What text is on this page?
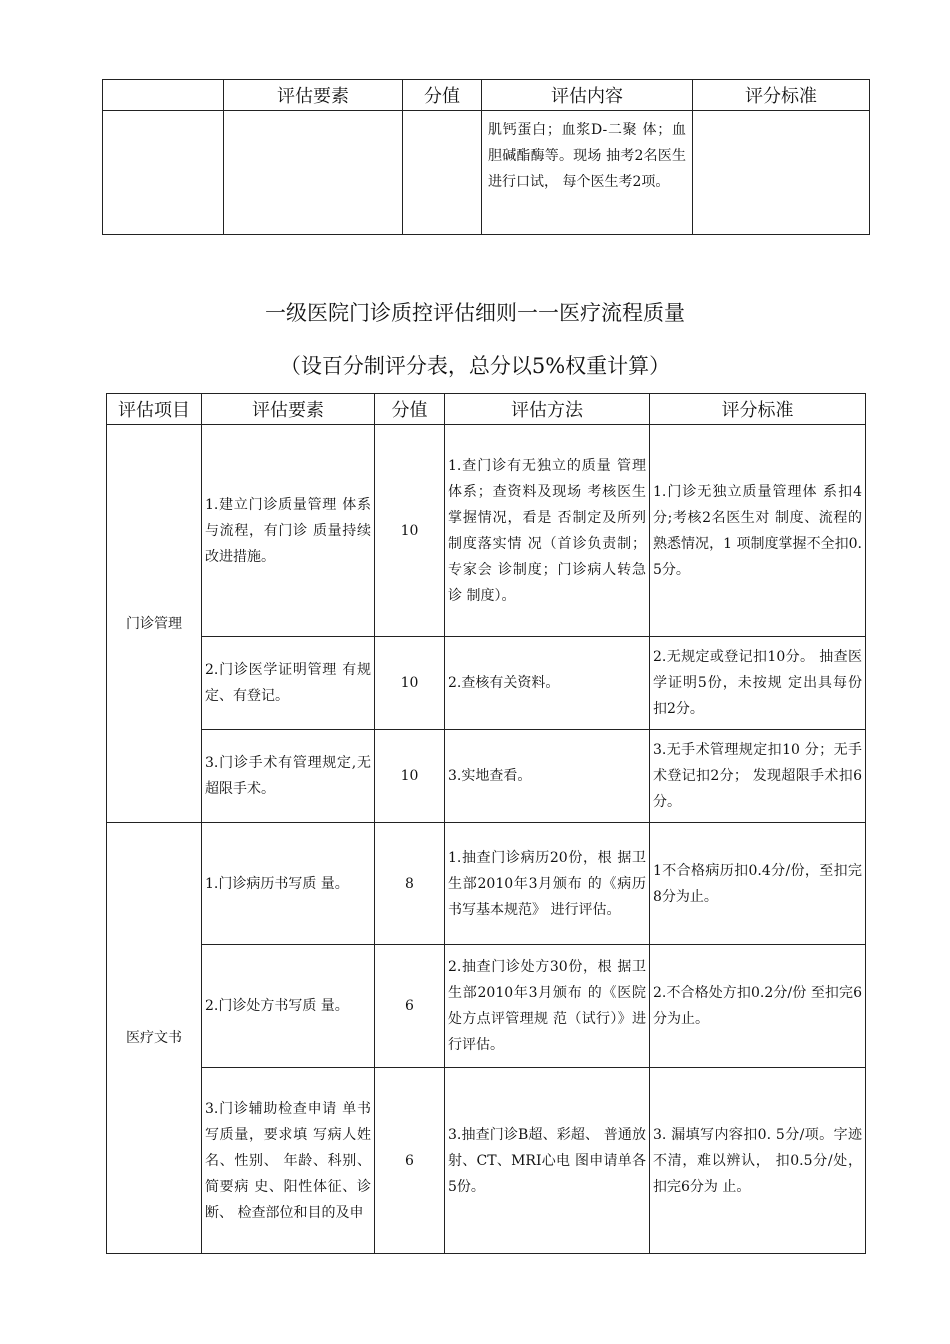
	评估要素	分值	评估内容	评分标准
			肌钙蛋白；血浆D-二聚 体；血胆碱酯酶等。现场 抽考2名医生进行口试， 每个医生考2项。	
一级医院门诊质控评估细则一一医疗流程质量
（设百分制评分表，总分以5%权重计算）
评估项目	评估要素	分值	评估方法	评分标准
门诊管理	1.建立门诊质量管理 体系与流程，有门诊 质量持续改进措施。	10	1.查门诊有无独立的质量 管理体系；查资料及现场 考核医生掌握情况，看是 否制定及所列制度落实情 况（首诊负责制；专家会 诊制度；门诊病人转急诊 制度）。	1.门诊无独立质量管理体 系扣4分;考核2名医生对 制度、流程的熟悉情况，1 项制度掌握不全扣0.5分。
	2.门诊医学证明管理 有规定、有登记。	10	2.查核有关资料。	2.无规定或登记扣10分。 抽查医学证明5份，未按规 定出具每份扣2分。
	3.门诊手术有管理规定,无超限手术。	10	3.实地查看。	3.无手术管理规定扣10 分；无手术登记扣2分； 发现超限手术扣6分。
医疗文书	1.门诊病历书写质 量。	8	1.抽查门诊病历20份，根 据卫生部2010年3月颁布 的《病历书写基本规范》 进行评估。	1不合格病历扣0.4分/份，至扣完8分为止。
	2.门诊处方书写质 量。	6	2.抽查门诊处方30份，根 据卫生部2010年3月颁布 的《医院处方点评管理规 范（试行）》进行评估。	2.不合格处方扣0.2分/份 至扣完6分为止。
	3.门诊辅助检查申请 单书写质量，要求填 写病人姓名、性别、 年龄、科别、简要病 史、阳性体征、诊断、 检查部位和目的及申	6	3.抽查门诊B超、彩超、 普通放射、CT、MRI心电 图申请单各5份。	3. 漏填写内容扣0. 5分/项。字迹不清，难以辨认， 扣0.5分/处，扣完6分为 止。
